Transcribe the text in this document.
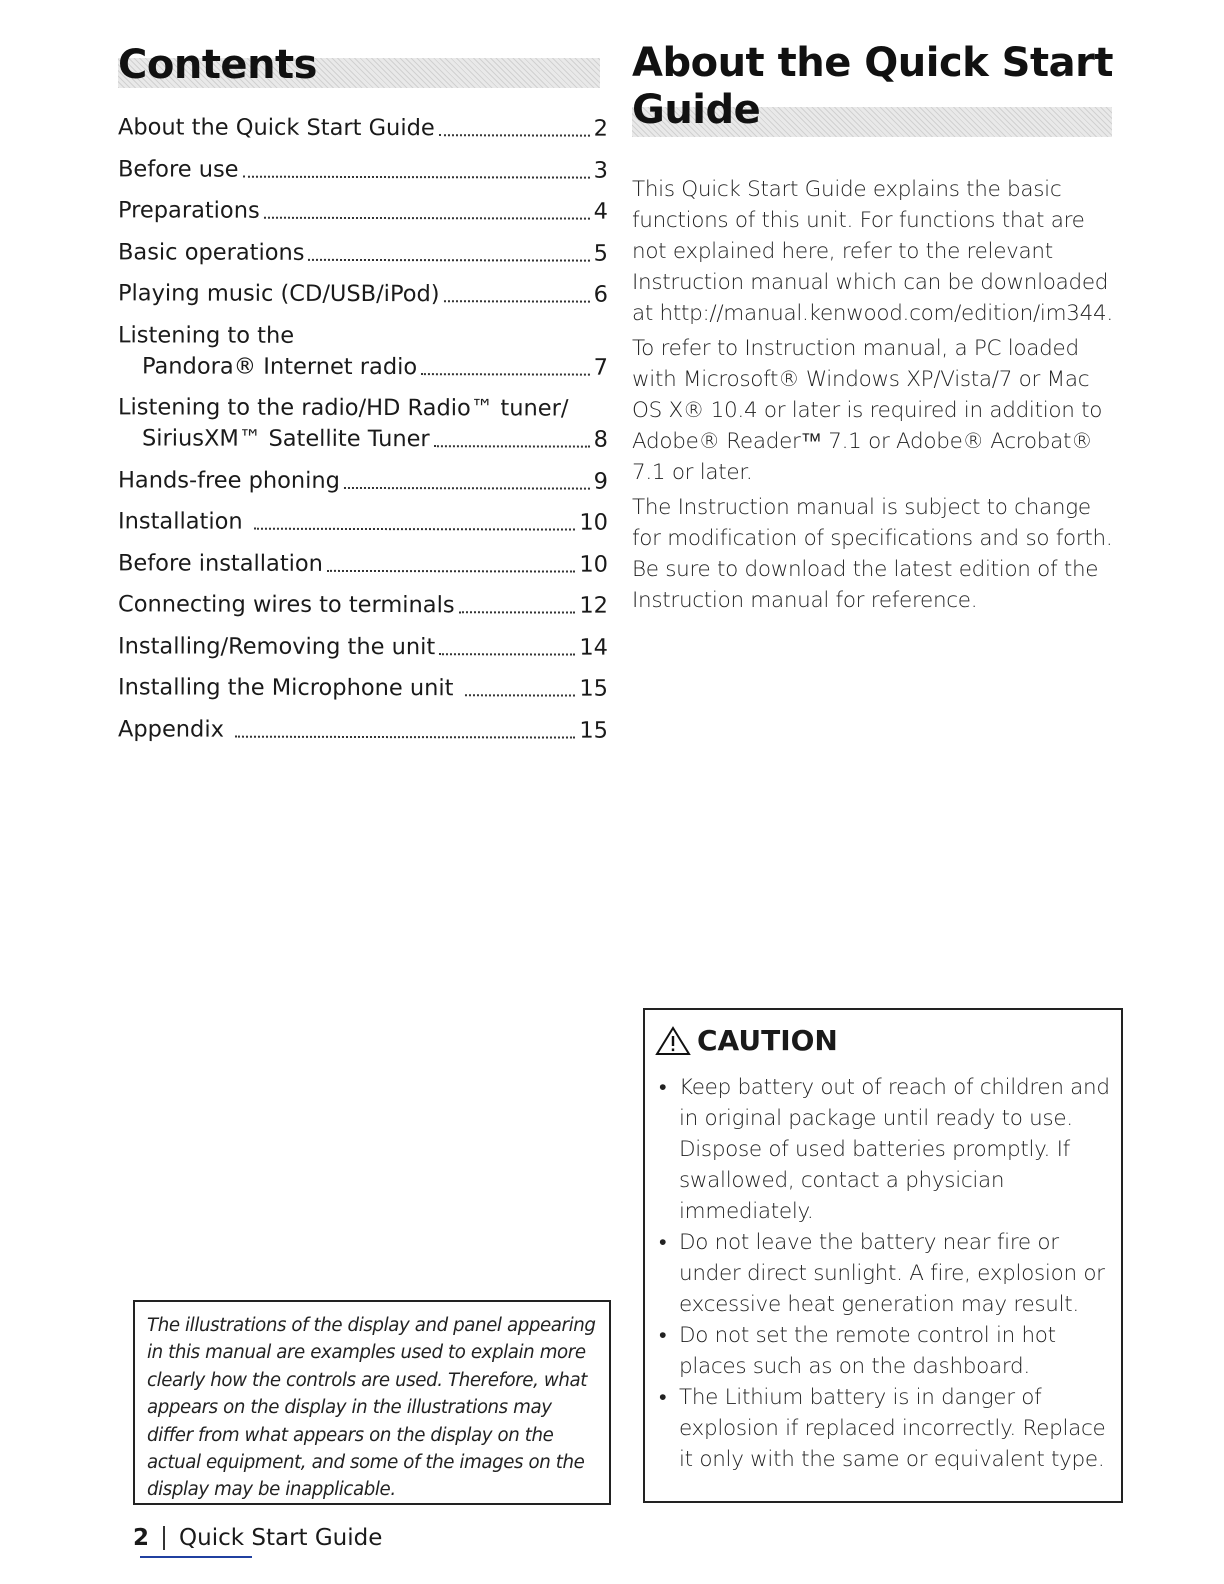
Contents
About the Quick Start Guide	2
Before use	3
Preparations	4
Basic operations	5
Playing music (CD/USB/iPod)	6
Listening to the
Pandora® Internet radio	7
Listening to the radio/HD Radio™ tuner/
SiriusXM™ Satellite Tuner	8
Hands-free phoning	9
Installation	10
Before installation	10
Connecting wires to terminals	12
Installing/Removing the unit	14
Installing the Microphone unit	15
Appendix	15
About the Quick Start
Guide

This Quick Start Guide explains the basic functions of this unit. For functions that are not explained here, refer to the relevant Instruction manual which can be downloaded at http://manual.kenwood.com/edition/im344.

To refer to Instruction manual, a PC loaded with Microsoft® Windows XP/Vista/7 or Mac OS X® 10.4 or later is required in addition to Adobe® Reader™ 7.1 or Adobe® Acrobat® 7.1 or later.

The Instruction manual is subject to change for modification of specifications and so forth. Be sure to download the latest edition of the Instruction manual for reference.

The illustrations of the display and panel appearing in this manual are examples used to explain more clearly how the controls are used. Therefore, what appears on the display in the illustrations may differ from what appears on the display on the actual equipment, and some of the images on the display may be inapplicable.

CAUTION
• Keep battery out of reach of children and in original package until ready to use. Dispose of used batteries promptly. If swallowed, contact a physician immediately.
• Do not leave the battery near fire or under direct sunlight. A fire, explosion or excessive heat generation may result.
• Do not set the remote control in hot places such as on the dashboard.
• The Lithium battery is in danger of explosion if replaced incorrectly. Replace it only with the same or equivalent type.
2 Quick Start Guide
